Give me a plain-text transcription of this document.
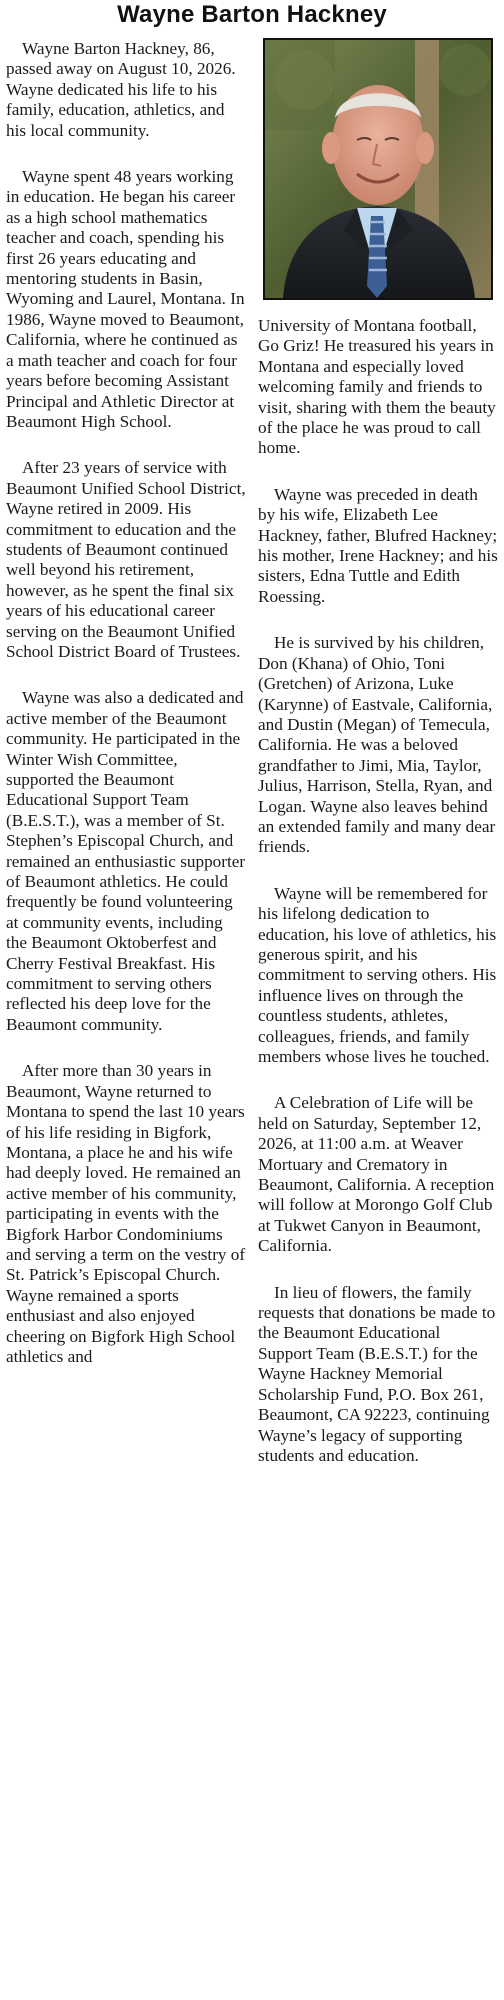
Wayne Barton Hackney

Wayne Barton Hackney, 86, passed away on August 10, 2026. Wayne dedicated his life to his family, education, athletics, and his local community.

Wayne spent 48 years working in education. He began his career as a high school mathematics teacher and coach, spending his first 26 years educating and mentoring students in Basin, Wyoming and Laurel, Montana. In 1986, Wayne moved to Beaumont, California, where he continued as a math teacher and coach for four years before becoming Assistant Principal and Athletic Director at Beaumont High School.

After 23 years of service with Beaumont Unified School District, Wayne retired in 2009. His commitment to education and the students of Beaumont continued well beyond his retirement, however, as he spent the final six years of his educational career serving on the Beaumont Unified School District Board of Trustees.

Wayne was also a dedicated and active member of the Beaumont community. He participated in the Winter Wish Committee, supported the Beaumont Educational Support Team (B.E.S.T.), was a member of St. Stephen’s Episcopal Church, and remained an enthusiastic supporter of Beaumont athletics. He could frequently be found volunteering at community events, including the Beaumont Oktoberfest and Cherry Festival Breakfast. His commitment to serving others reflected his deep love for the Beaumont community.

After more than 30 years in Beaumont, Wayne returned to Montana to spend the last 10 years of his life residing in Bigfork, Montana, a place he and his wife had deeply loved. He remained an active member of his community, participating in events with the Bigfork Harbor Condominiums and serving a term on the vestry of St. Patrick’s Episcopal Church. Wayne remained a sports enthusiast and also enjoyed cheering on Bigfork High School athletics and

University of Montana football, Go Griz! He treasured his years in Montana and especially loved welcoming family and friends to visit, sharing with them the beauty of the place he was proud to call home.

Wayne was preceded in death by his wife, Elizabeth Lee Hackney, father, Blufred Hackney; his mother, Irene Hackney; and his sisters, Edna Tuttle and Edith Roessing.

He is survived by his children, Don (Khana) of Ohio, Toni (Gretchen) of Arizona, Luke (Karynne) of Eastvale, California, and Dustin (Megan) of Temecula, California. He was a beloved grandfather to Jimi, Mia, Taylor, Julius, Harrison, Stella, Ryan, and Logan. Wayne also leaves behind an extended family and many dear friends.

Wayne will be remembered for his lifelong dedication to education, his love of athletics, his generous spirit, and his commitment to serving others. His influence lives on through the countless students, athletes, colleagues, friends, and family members whose lives he touched.

A Celebration of Life will be held on Saturday, September 12, 2026, at 11:00 a.m. at Weaver Mortuary and Crematory in Beaumont, California. A reception will follow at Morongo Golf Club at Tukwet Canyon in Beaumont, California.

In lieu of flowers, the family requests that donations be made to the Beaumont Educational Support Team (B.E.S.T.) for the Wayne Hackney Memorial Scholarship Fund, P.O. Box 261, Beaumont, CA 92223, continuing Wayne’s legacy of supporting students and education.
